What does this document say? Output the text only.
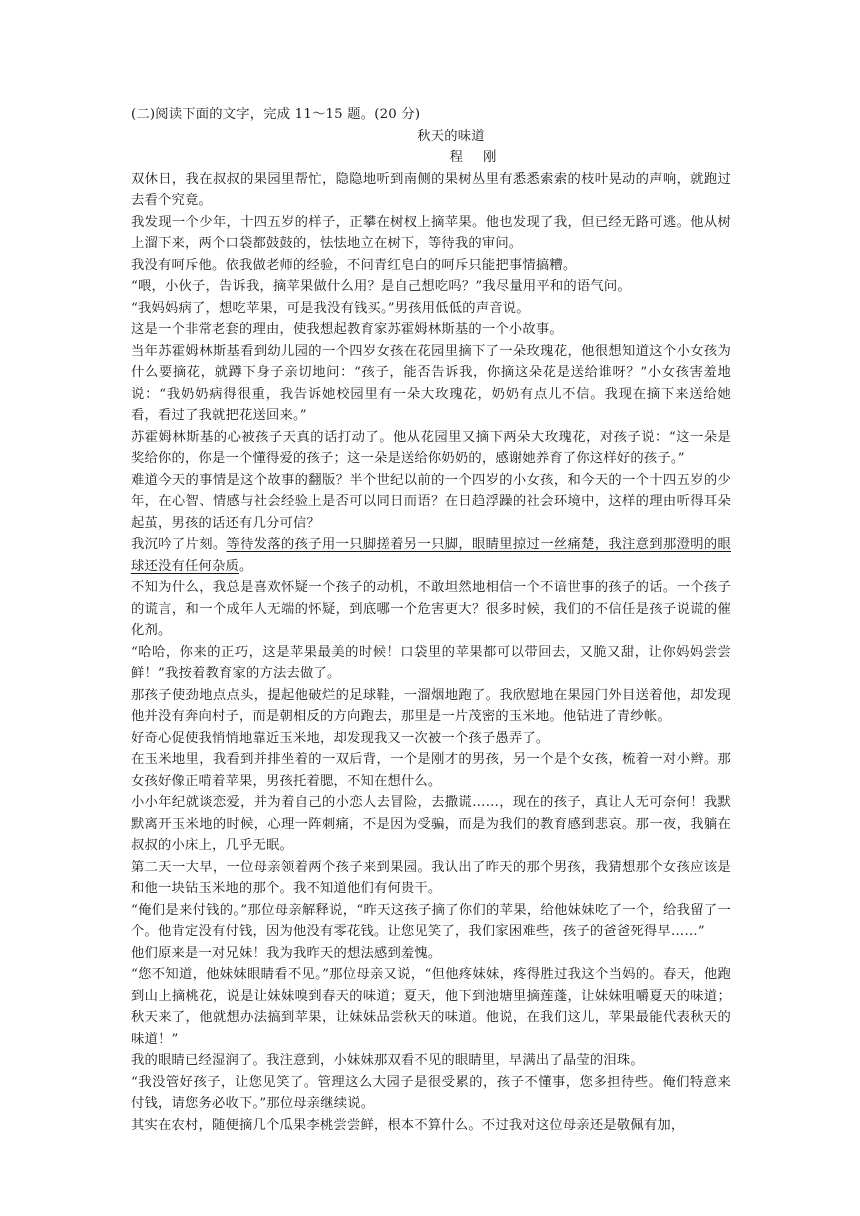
(二)阅读下面的文字，完成 11～15 题。(20 分)

秋天的味道

程 刚

双休日，我在叔叔的果园里帮忙，隐隐地听到南侧的果树丛里有悉悉索索的枝叶晃动的声响，就跑过去看个究竟。

我发现一个少年，十四五岁的样子，正攀在树杈上摘苹果。他也发现了我，但已经无路可逃。他从树上溜下来，两个口袋都鼓鼓的，怯怯地立在树下，等待我的审问。

我没有呵斥他。依我做老师的经验，不问青红皂白的呵斥只能把事情搞糟。

“喂，小伙子，告诉我，摘苹果做什么用？是自己想吃吗？”我尽量用平和的语气问。

“我妈妈病了，想吃苹果，可是我没有钱买。”男孩用低低的声音说。

这是一个非常老套的理由，使我想起教育家苏霍姆林斯基的一个小故事。

当年苏霍姆林斯基看到幼儿园的一个四岁女孩在花园里摘下了一朵玫瑰花，他很想知道这个小女孩为什么要摘花，就蹲下身子亲切地问：“孩子，能否告诉我，你摘这朵花是送给谁呀？”小女孩害羞地说：“我奶奶病得很重，我告诉她校园里有一朵大玫瑰花，奶奶有点儿不信。我现在摘下来送给她看，看过了我就把花送回来。”

苏霍姆林斯基的心被孩子天真的话打动了。他从花园里又摘下两朵大玫瑰花，对孩子说：“这一朵是奖给你的，你是一个懂得爱的孩子；这一朵是送给你奶奶的，感谢她养育了你这样好的孩子。”

难道今天的事情是这个故事的翻版？半个世纪以前的一个四岁的小女孩，和今天的一个十四五岁的少年，在心智、情感与社会经验上是否可以同日而语？在日趋浮躁的社会环境中，这样的理由听得耳朵起茧，男孩的话还有几分可信？

我沉吟了片刻。等待发落的孩子用一只脚搓着另一只脚，眼睛里掠过一丝痛楚，我注意到那澄明的眼球还没有任何杂质。

不知为什么，我总是喜欢怀疑一个孩子的动机，不敢坦然地相信一个不谙世事的孩子的话。一个孩子的谎言，和一个成年人无端的怀疑，到底哪一个危害更大？很多时候，我们的不信任是孩子说谎的催化剂。

“哈哈，你来的正巧，这是苹果最美的时候！口袋里的苹果都可以带回去，又脆又甜，让你妈妈尝尝鲜！”我按着教育家的方法去做了。

那孩子使劲地点点头，提起他破烂的足球鞋，一溜烟地跑了。我欣慰地在果园门外目送着他，却发现他并没有奔向村子，而是朝相反的方向跑去，那里是一片茂密的玉米地。他钻进了青纱帐。

好奇心促使我悄悄地靠近玉米地，却发现我又一次被一个孩子愚弄了。

在玉米地里，我看到并排坐着的一双后背，一个是刚才的男孩，另一个是个女孩，梳着一对小辫。那女孩好像正啃着苹果，男孩托着腮，不知在想什么。

小小年纪就谈恋爱，并为着自己的小恋人去冒险，去撒谎……，现在的孩子，真让人无可奈何！我默默离开玉米地的时候，心理一阵刺痛，不是因为受骗，而是为我们的教育感到悲哀。那一夜，我躺在叔叔的小床上，几乎无眠。

第二天一大早，一位母亲领着两个孩子来到果园。我认出了昨天的那个男孩，我猜想那个女孩应该是和他一块钻玉米地的那个。我不知道他们有何贵干。

“俺们是来付钱的。”那位母亲解释说，“昨天这孩子摘了你们的苹果，给他妹妹吃了一个，给我留了一个。他肯定没有付钱，因为他没有零花钱。让您见笑了，我们家困难些，孩子的爸爸死得早……”

他们原来是一对兄妹！我为我昨天的想法感到羞愧。

“您不知道，他妹妹眼睛看不见。”那位母亲又说，“但他疼妹妹，疼得胜过我这个当妈的。春天，他跑到山上摘桃花，说是让妹妹嗅到春天的味道；夏天，他下到池塘里摘莲蓬，让妹妹咀嚼夏天的味道；秋天来了，他就想办法搞到苹果，让妹妹品尝秋天的味道。他说，在我们这儿，苹果最能代表秋天的味道！”

我的眼睛已经湿润了。我注意到，小妹妹那双看不见的眼睛里，早满出了晶莹的泪珠。

“我没管好孩子，让您见笑了。管理这么大园子是很受累的，孩子不懂事，您多担待些。俺们特意来付钱，请您务必收下。”那位母亲继续说。

其实在农村，随便摘几个瓜果李桃尝尝鲜，根本不算什么。不过我对这位母亲还是敬佩有加，
